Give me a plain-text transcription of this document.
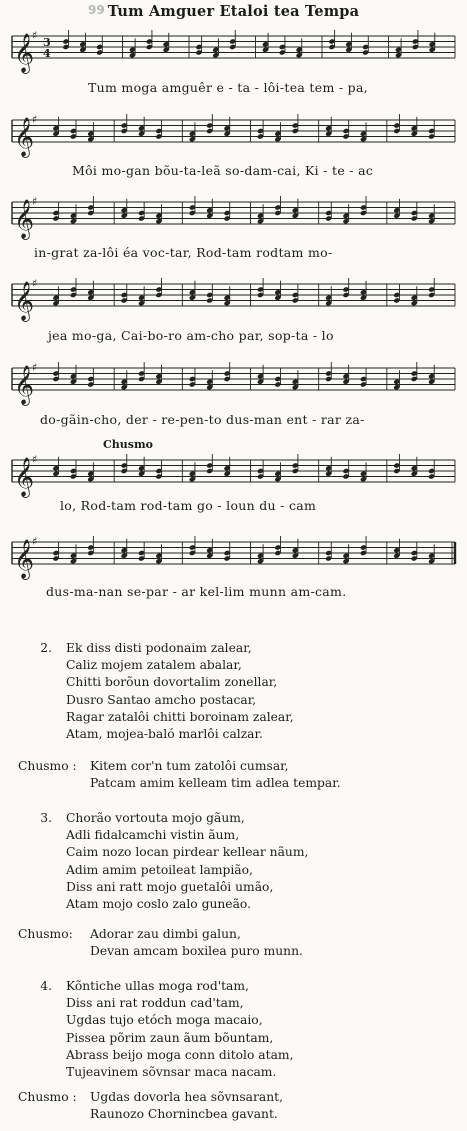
99 Tum Amguer Etaloi tea Tempa
𝄞
♯
3
4
Tum moga amguêr e - ta - lôi-tea tem - pa,
𝄞
♯
Môi mo-gan bõu-ta-leã so-dam-cai, Ki - te - ac
𝄞
♯
in-grat za-lôi éa voc-tar, Rod-tam rodtam mo-
𝄞
♯
jea mo-ga, Cai-bo-ro am-cho par, sop-ta - lo
𝄞
♯
do-gãin-cho, der - re-pen-to dus-man ent - rar za-
Chusmo
𝄞
♯
lo, Rod-tam rod-tam go - loun du - cam
𝄞
♯
dus-ma-nan se-par - ar kel-lim munn am-cam.
2. Ek diss disti podonaim zalear,
Caliz mojem zatalem abalar,
Chitti borõun dovortalim zonellar,
Dusro Santao amcho postacar,
Ragar zatalôi chitti boroinam zalear,
Atam, mojea-baló marlôi calzar.
Chusmo : Kitem cor'n tum zatolôi cumsar,
Patcam amim kelleam tim adlea tempar.
3. Chorão vortouta mojo gãum,
Adli fidalcamchi vistin ãum,
Caim nozo locan pirdear kellear nãum,
Adim amim petoileat lampião,
Diss ani ratt mojo guetalôi umão,
Atam mojo coslo zalo guneão.
Chusmo: Adorar zau dimbi galun,
Devan amcam boxilea puro munn.
4. Kõntiche ullas moga rod'tam,
Diss ani rat roddun cad'tam,
Ugdas tujo etóch moga macaio,
Pissea põrim zaun ãum bõuntam,
Abrass beijo moga conn ditolo atam,
Tujeavinem sõvnsar maca nacam.
Chusmo : Ugdas dovorla hea sõvnsarant,
Raunozo Chornincbea gavant.
